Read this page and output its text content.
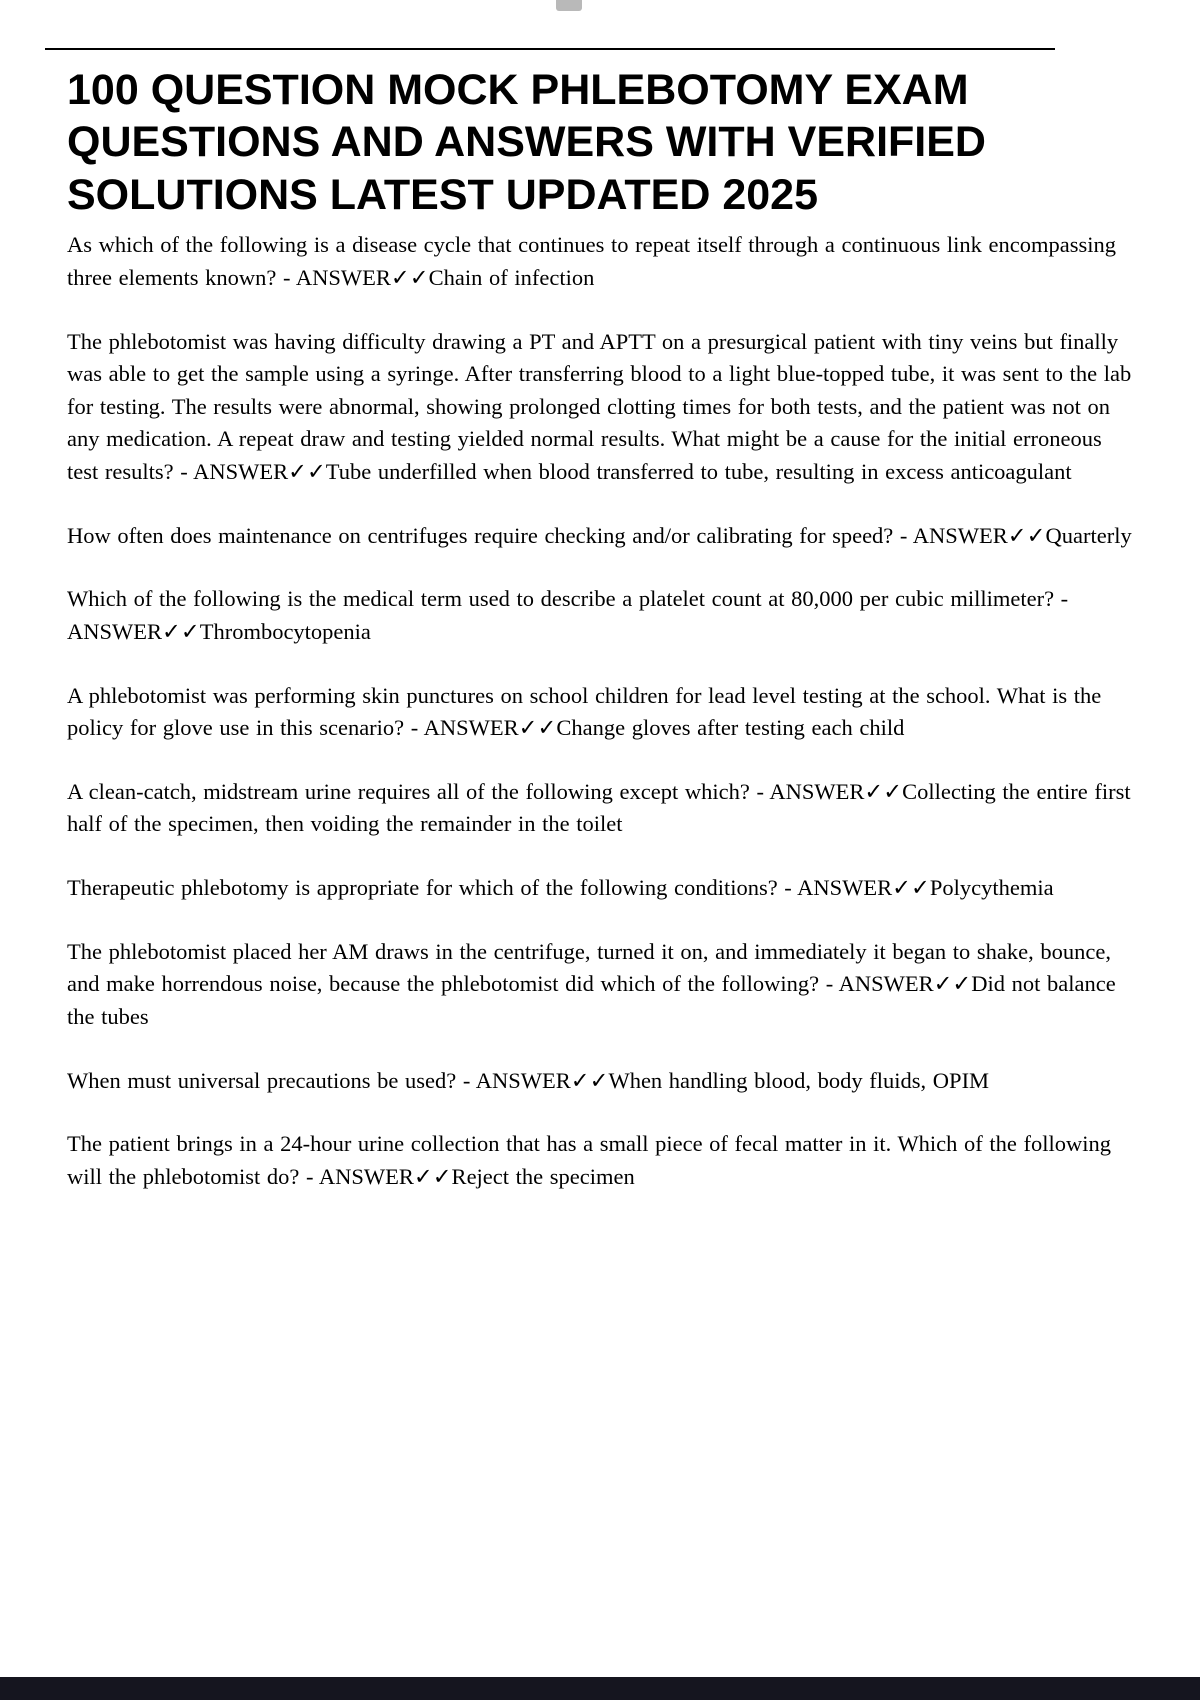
100 QUESTION MOCK PHLEBOTOMY EXAM QUESTIONS AND ANSWERS WITH VERIFIED SOLUTIONS LATEST UPDATED 2025

As which of the following is a disease cycle that continues to repeat itself through a continuous link encompassing three elements known? - ANSWER✓✓Chain of infection

The phlebotomist was having difficulty drawing a PT and APTT on a presurgical patient with tiny veins but finally was able to get the sample using a syringe. After transferring blood to a light blue-topped tube, it was sent to the lab for testing. The results were abnormal, showing prolonged clotting times for both tests, and the patient was not on any medication. A repeat draw and testing yielded normal results. What might be a cause for the initial erroneous test results? - ANSWER✓✓Tube underfilled when blood transferred to tube, resulting in excess anticoagulant

How often does maintenance on centrifuges require checking and/or calibrating for speed? - ANSWER✓✓Quarterly

Which of the following is the medical term used to describe a platelet count at 80,000 per cubic millimeter? - ANSWER✓✓Thrombocytopenia

A phlebotomist was performing skin punctures on school children for lead level testing at the school. What is the policy for glove use in this scenario? - ANSWER✓✓Change gloves after testing each child

A clean-catch, midstream urine requires all of the following except which? - ANSWER✓✓Collecting the entire first half of the specimen, then voiding the remainder in the toilet

Therapeutic phlebotomy is appropriate for which of the following conditions? - ANSWER✓✓Polycythemia

The phlebotomist placed her AM draws in the centrifuge, turned it on, and immediately it began to shake, bounce, and make horrendous noise, because the phlebotomist did which of the following? - ANSWER✓✓Did not balance the tubes

When must universal precautions be used? - ANSWER✓✓When handling blood, body fluids, OPIM

The patient brings in a 24-hour urine collection that has a small piece of fecal matter in it. Which of the following will the phlebotomist do? - ANSWER✓✓Reject the specimen
